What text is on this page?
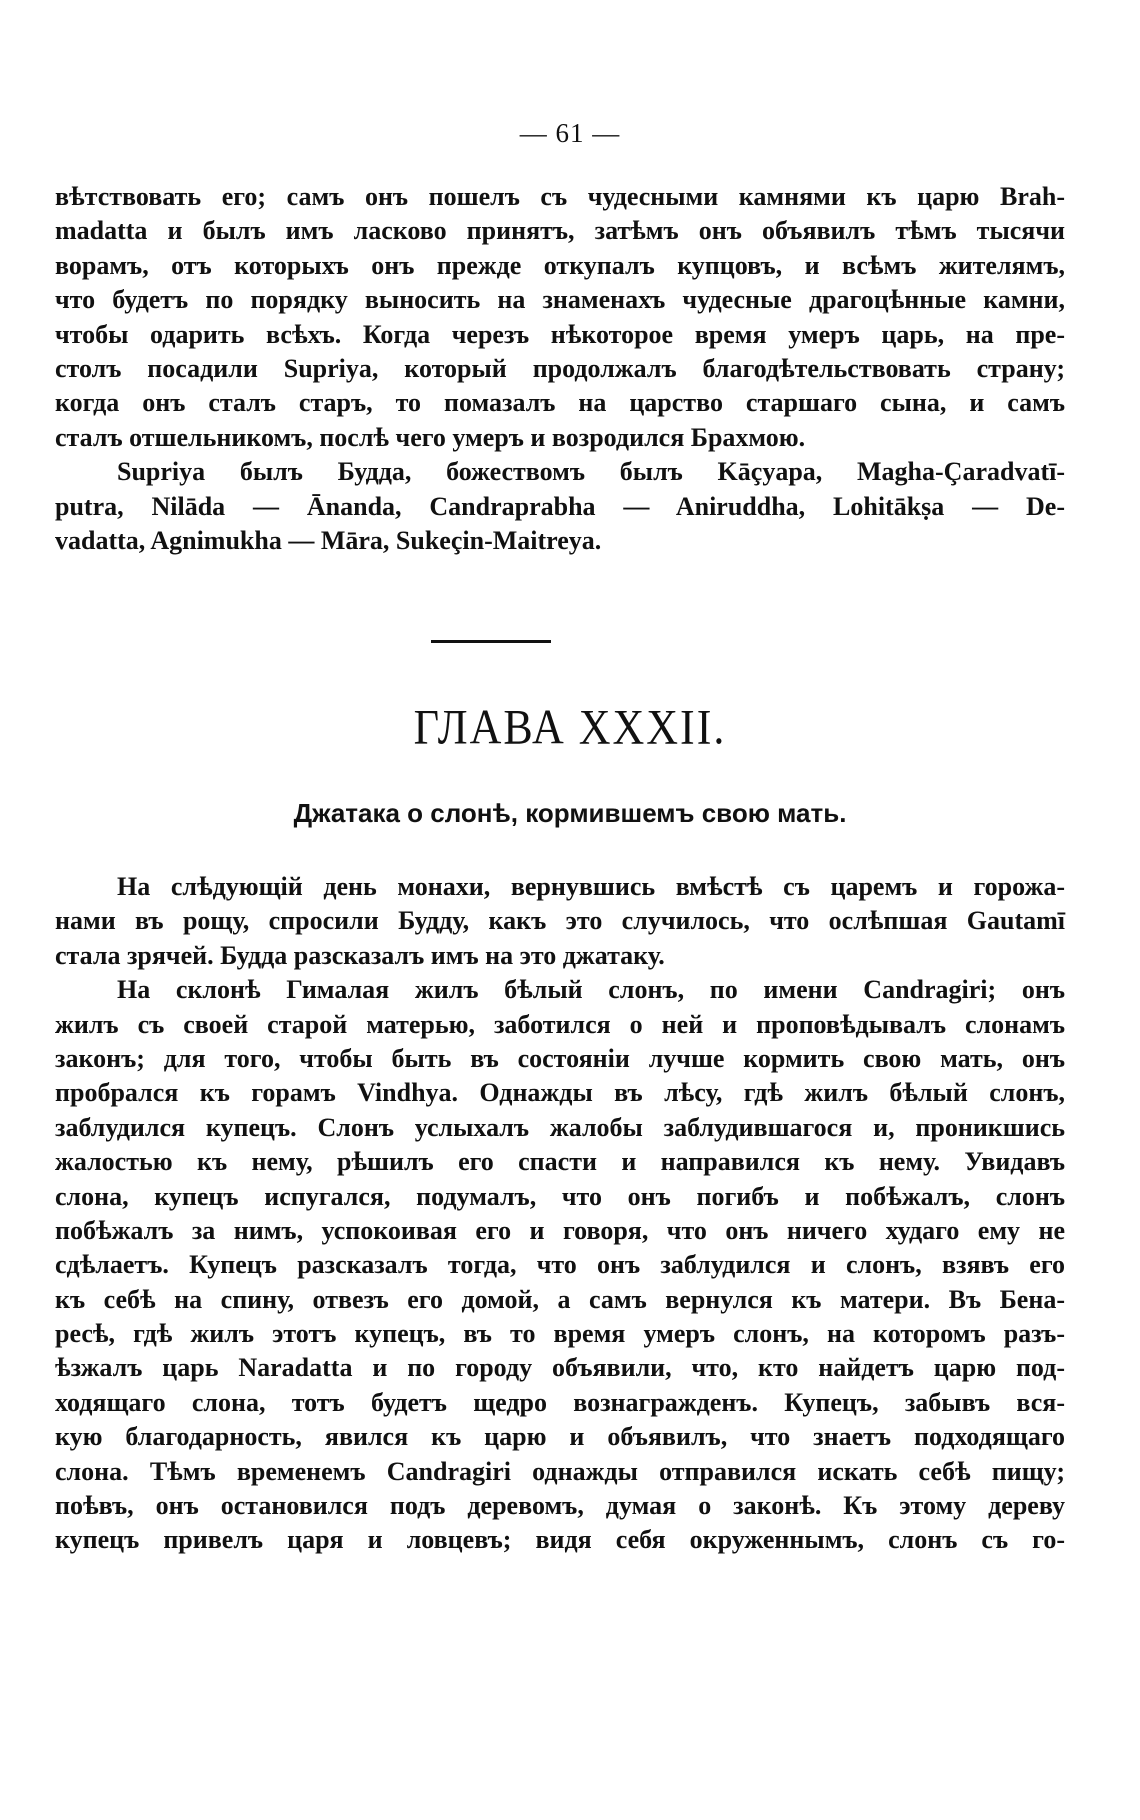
— 61 —
вѣтствовать его; самъ онъ пошелъ съ чудесными камнями къ царю Brah-
madatta и былъ имъ ласково принятъ, затѣмъ онъ объявилъ тѣмъ тысячи
ворамъ, отъ которыхъ онъ прежде откупалъ купцовъ, и всѣмъ жителямъ,
что будетъ по порядку выносить на знаменахъ чудесные драгоцѣнные камни,
чтобы одарить всѣхъ. Когда черезъ нѣкоторое время умеръ царь, на пре-
столъ посадили Supriya, который продолжалъ благодѣтельствовать страну;
когда онъ сталъ старъ, то помазалъ на царство старшаго сына, и самъ
сталъ отшельникомъ, послѣ чего умеръ и возродился Брахмою.
Supriya былъ Будда, божествомъ былъ Kāçyapa, Magha-Çaradvatī-
putra, Nilāda — Ānanda, Candraprabha — Aniruddha, Lohitākṣa — De-
vadatta, Agnimukha — Māra, Sukeçin-Maitreya.
ГЛАВА XXXII.
Джатака о слонѣ, кормившемъ свою мать.
На слѣдующій день монахи, вернувшись вмѣстѣ съ царемъ и горожа-
нами въ рощу, спросили Будду, какъ это случилось, что ослѣпшая Gautamī
стала зрячей. Будда разсказалъ имъ на это джатаку.
На склонѣ Гималая жилъ бѣлый слонъ, по имени Candragiri; онъ
жилъ съ своей старой матерью, заботился о ней и проповѣдывалъ слонамъ
законъ; для того, чтобы быть въ состояніи лучше кормить свою мать, онъ
пробрался къ горамъ Vindhya. Однажды въ лѣсу, гдѣ жилъ бѣлый слонъ,
заблудился купецъ. Слонъ услыхалъ жалобы заблудившагося и, проникшись
жалостью къ нему, рѣшилъ его спасти и направился къ нему. Увидавъ
слона, купецъ испугался, подумалъ, что онъ погибъ и побѣжалъ, слонъ
побѣжалъ за нимъ, успокоивая его и говоря, что онъ ничего худаго ему не
сдѣлаетъ. Купецъ разсказалъ тогда, что онъ заблудился и слонъ, взявъ его
къ себѣ на спину, отвезъ его домой, а самъ вернулся къ матери. Въ Бена-
ресѣ, гдѣ жилъ этотъ купецъ, въ то время умеръ слонъ, на которомъ разъ-
ѣзжалъ царь Naradatta и по городу объявили, что, кто найдетъ царю под-
ходящаго слона, тотъ будетъ щедро вознагражденъ. Купецъ, забывъ вся-
кую благодарность, явился къ царю и объявилъ, что знаетъ подходящаго
слона. Тѣмъ временемъ Candragiri однажды отправился искать себѣ пищу;
поѣвъ, онъ остановился подъ деревомъ, думая о законѣ. Къ этому дереву
купецъ привелъ царя и ловцевъ; видя себя окруженнымъ, слонъ съ го-
